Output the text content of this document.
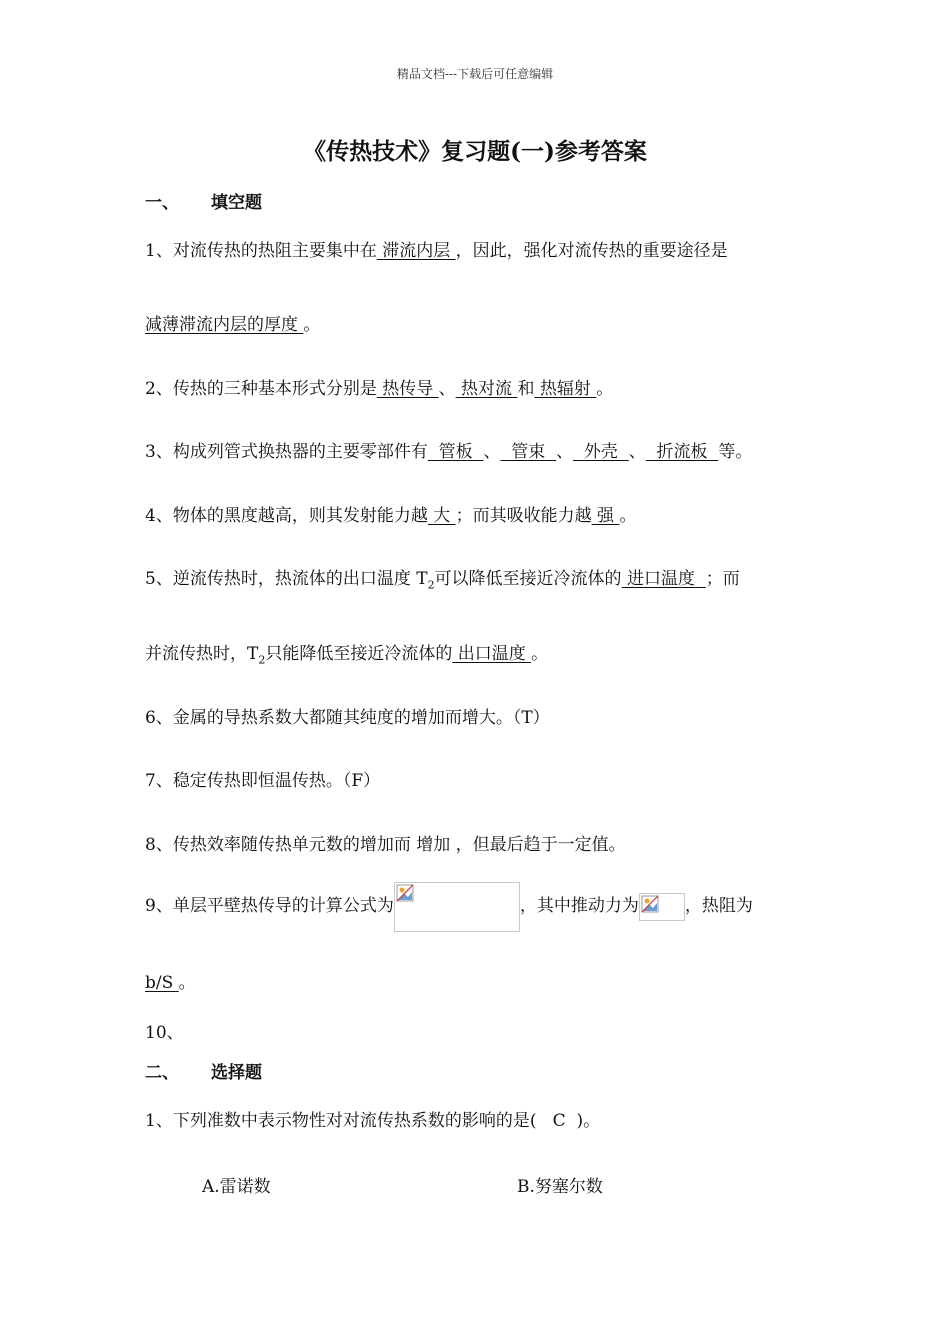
精品文档---下载后可任意编辑
《传热技术》复习题(一)参考答案
一、 填空题
1、对流传热的热阻主要集中在 滞流内层 ，因此，强化对流传热的重要途径是
减薄滞流内层的厚度 。
2、传热的三种基本形式分别是 热传导 、 热对流 和 热辐射 。
3、构成列管式换热器的主要零部件有  管板  、  管束  、  外壳  、  折流板  等。
4、物体的黑度越高，则其发射能力越 大 ；而其吸收能力越 强 。
5、逆流传热时，热流体的出口温度 $T_2$可以降低至接近冷流体的 进口温度  ；而
并流传热时，$T_2$只能降低至接近冷流体的 出口温度 。
6、金属的导热系数大都随其纯度的增加而增大。（T）
7、稳定传热即恒温传热。（F）
8、传热效率随传热单元数的增加而 增加 ，但最后趋于一定值。
9、单层平壁热传导的计算公式为	，其中推动力为	，热阻为
b/S 。
10、
二、 选择题
1、下列准数中表示物性对对流传热系数的影响的是(   C  )。
A.雷诺数	B.努塞尔数
